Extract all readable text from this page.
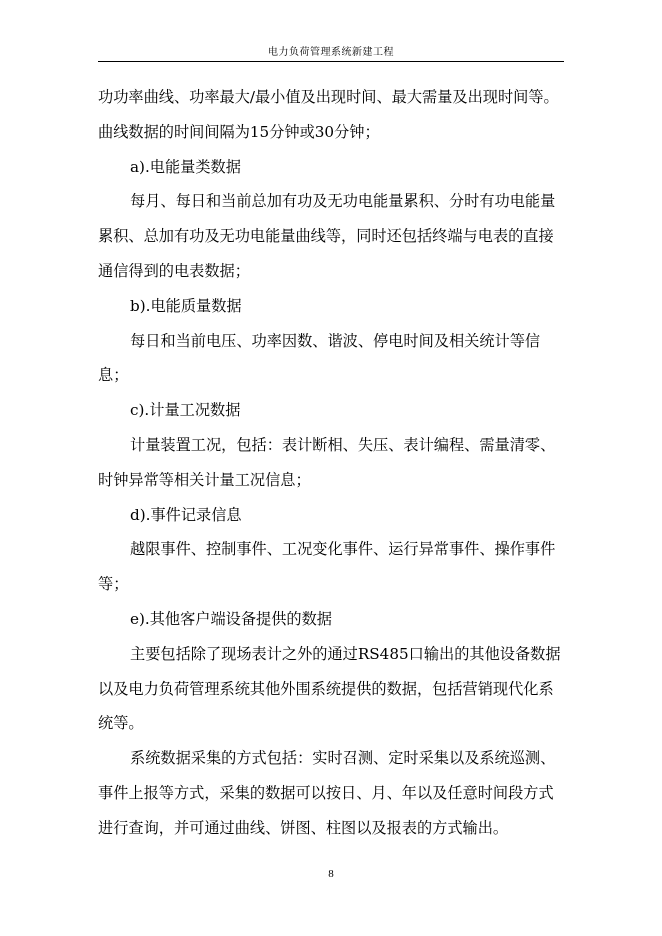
电力负荷管理系统新建工程

功功率曲线、功率最大/最小值及出现时间、最大需量及出现时间等。曲线数据的时间间隔为15分钟或30分钟；

a).电能量类数据

每月、每日和当前总加有功及无功电能量累积、分时有功电能量累积、总加有功及无功电能量曲线等，同时还包括终端与电表的直接通信得到的电表数据；

b).电能质量数据

每日和当前电压、功率因数、谐波、停电时间及相关统计等信息；

c).计量工况数据

计量装置工况，包括：表计断相、失压、表计编程、需量清零、时钟异常等相关计量工况信息；

d).事件记录信息

越限事件、控制事件、工况变化事件、运行异常事件、操作事件等；

e).其他客户端设备提供的数据

主要包括除了现场表计之外的通过RS485口输出的其他设备数据以及电力负荷管理系统其他外围系统提供的数据，包括营销现代化系统等。

系统数据采集的方式包括：实时召测、定时采集以及系统巡测、事件上报等方式，采集的数据可以按日、月、年以及任意时间段方式进行查询，并可通过曲线、饼图、柱图以及报表的方式输出。

8
